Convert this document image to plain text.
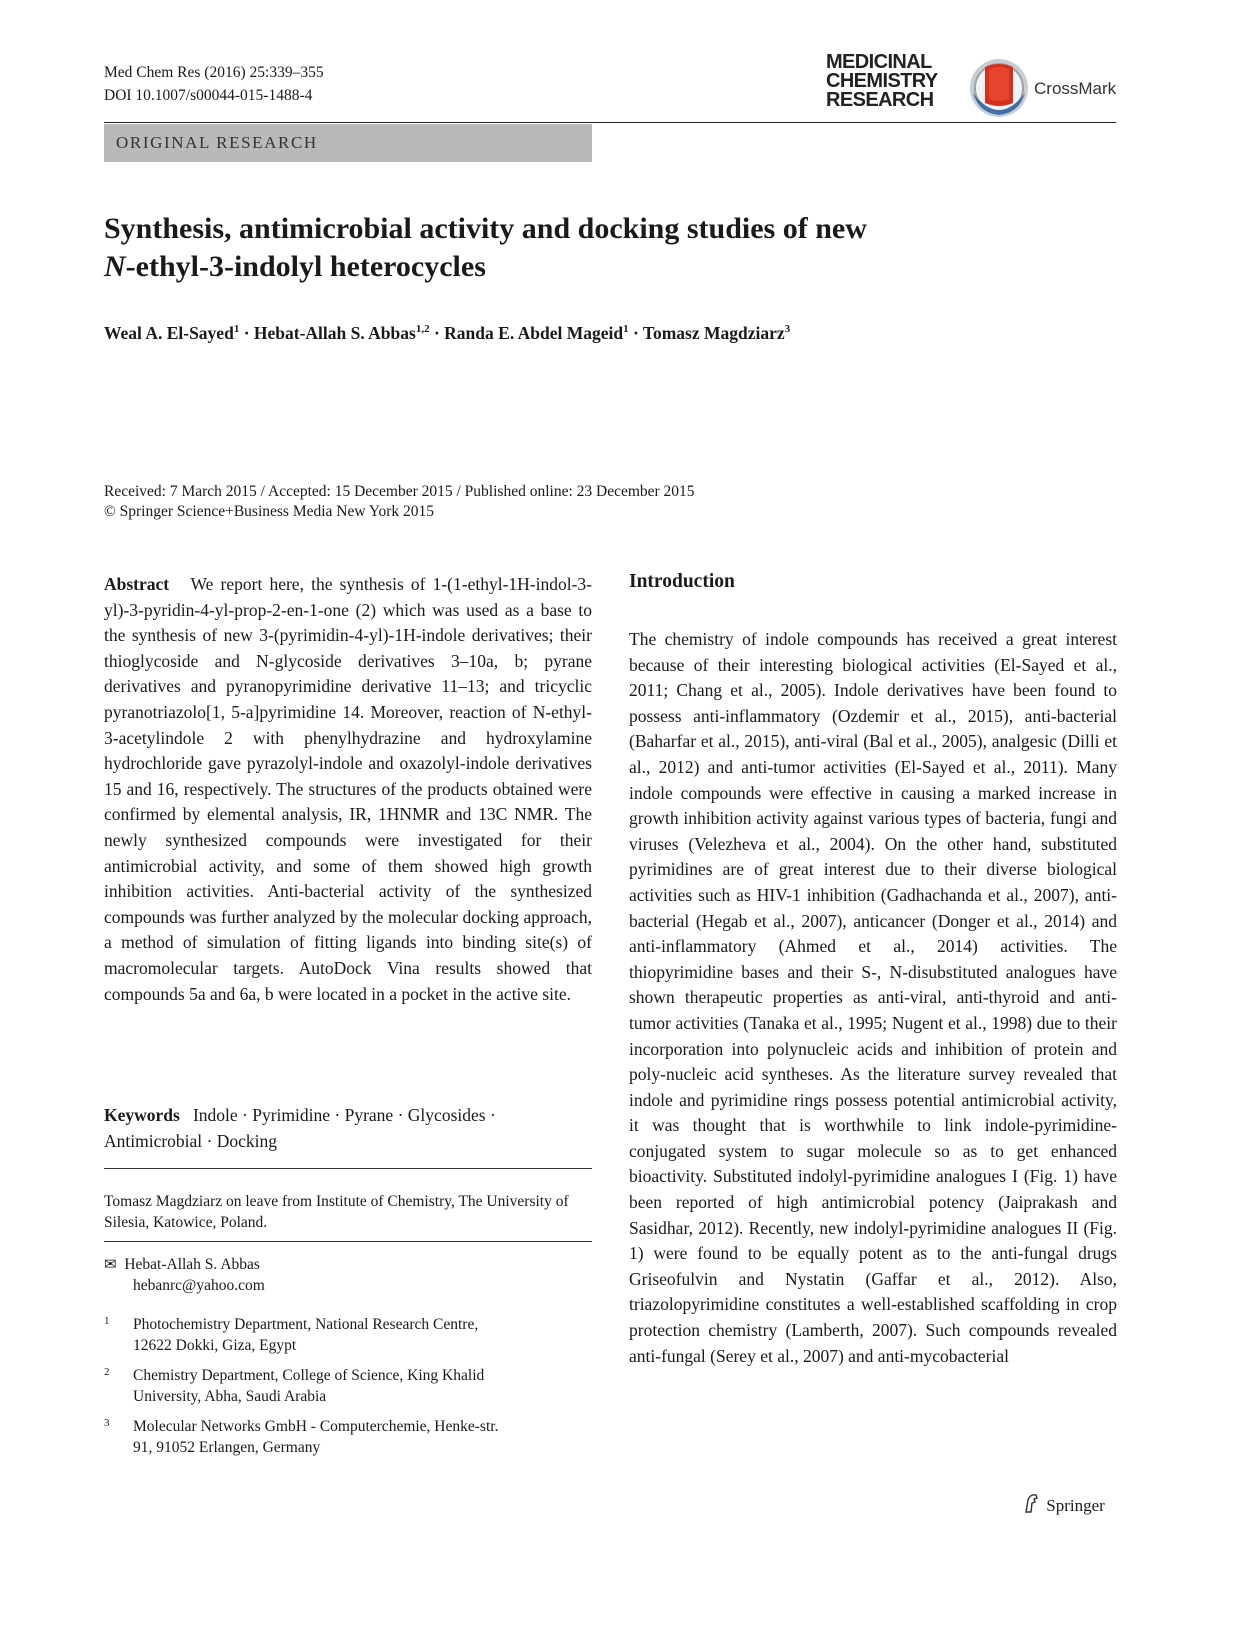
Med Chem Res (2016) 25:339–355
DOI 10.1007/s00044-015-1488-4
MEDICINAL
CHEMISTRY
RESEARCH
CrossMark
ORIGINAL RESEARCH
Synthesis, antimicrobial activity and docking studies of new
N-ethyl-3-indolyl heterocycles
Weal A. El-Sayed$^1$ · Hebat-Allah S. Abbas$^{1,2}$ · Randa E. Abdel Mageid$^1$ · Tomasz Magdziarz$^3$
Received: 7 March 2015 / Accepted: 15 December 2015 / Published online: 23 December 2015
© Springer Science+Business Media New York 2015

Abstract We report here, the synthesis of 1-(1-ethyl-1H-indol-3-yl)-3-pyridin-4-yl-prop-2-en-1-one (2) which was used as a base to the synthesis of new 3-(pyrimidin-4-yl)-1H-indole derivatives; their thioglycoside and N-glycoside derivatives 3–10a, b; pyrane derivatives and pyranopyrimidine derivative 11–13; and tricyclic pyranotriazolo[1, 5-a]pyrimidine 14. Moreover, reaction of N-ethyl-3-acetylindole 2 with phenylhydrazine and hydroxylamine hydrochloride gave pyrazolyl-indole and oxazolyl-indole derivatives 15 and 16, respectively. The structures of the products obtained were confirmed by elemental analysis, IR, 1HNMR and 13C NMR. The newly synthesized compounds were investigated for their antimicrobial activity, and some of them showed high growth inhibition activities. Anti-bacterial activity of the synthesized compounds was further analyzed by the molecular docking approach, a method of simulation of fitting ligands into binding site(s) of macromolecular targets. AutoDock Vina results showed that compounds 5a and 6a, b were located in a pocket in the active site.

Keywords Indole · Pyrimidine · Pyrane · Glycosides · Antimicrobial · Docking
Tomasz Magdziarz on leave from Institute of Chemistry, The University of Silesia, Katowice, Poland.
✉ Hebat-Allah S. Abbas
hebanrc@yahoo.com
1 Photochemistry Department, National Research Centre,
12622 Dokki, Giza, Egypt
2 Chemistry Department, College of Science, King Khalid
University, Abha, Saudi Arabia
3 Molecular Networks GmbH - Computerchemie, Henke-str.
91, 91052 Erlangen, Germany
Introduction

The chemistry of indole compounds has received a great interest because of their interesting biological activities (El-Sayed et al., 2011; Chang et al., 2005). Indole derivatives have been found to possess anti-inflammatory (Ozdemir et al., 2015), anti-bacterial (Baharfar et al., 2015), anti-viral (Bal et al., 2005), analgesic (Dilli et al., 2012) and anti-tumor activities (El-Sayed et al., 2011). Many indole compounds were effective in causing a marked increase in growth inhibition activity against various types of bacteria, fungi and viruses (Velezheva et al., 2004). On the other hand, substituted pyrimidines are of great interest due to their diverse biological activities such as HIV-1 inhibition (Gadhachanda et al., 2007), anti-bacterial (Hegab et al., 2007), anticancer (Donger et al., 2014) and anti-inflammatory (Ahmed et al., 2014) activities. The thiopyrimidine bases and their S-, N-disubstituted analogues have shown therapeutic properties as anti-viral, anti-thyroid and anti-tumor activities (Tanaka et al., 1995; Nugent et al., 1998) due to their incorporation into polynucleic acids and inhibition of protein and poly-nucleic acid syntheses. As the literature survey revealed that indole and pyrimidine rings possess potential antimicrobial activity, it was thought that is worthwhile to link indole-pyrimidine-conjugated system to sugar molecule so as to get enhanced bioactivity. Substituted indolyl-pyrimidine analogues I (Fig. 1) have been reported of high antimicrobial potency (Jaiprakash and Sasidhar, 2012). Recently, new indolyl-pyrimidine analogues II (Fig. 1) were found to be equally potent as to the anti-fungal drugs Griseofulvin and Nystatin (Gaffar et al., 2012). Also, triazolopyrimidine constitutes a well-established scaffolding in crop protection chemistry (Lamberth, 2007). Such compounds revealed anti-fungal (Serey et al., 2007) and anti-mycobacterial

Springer
